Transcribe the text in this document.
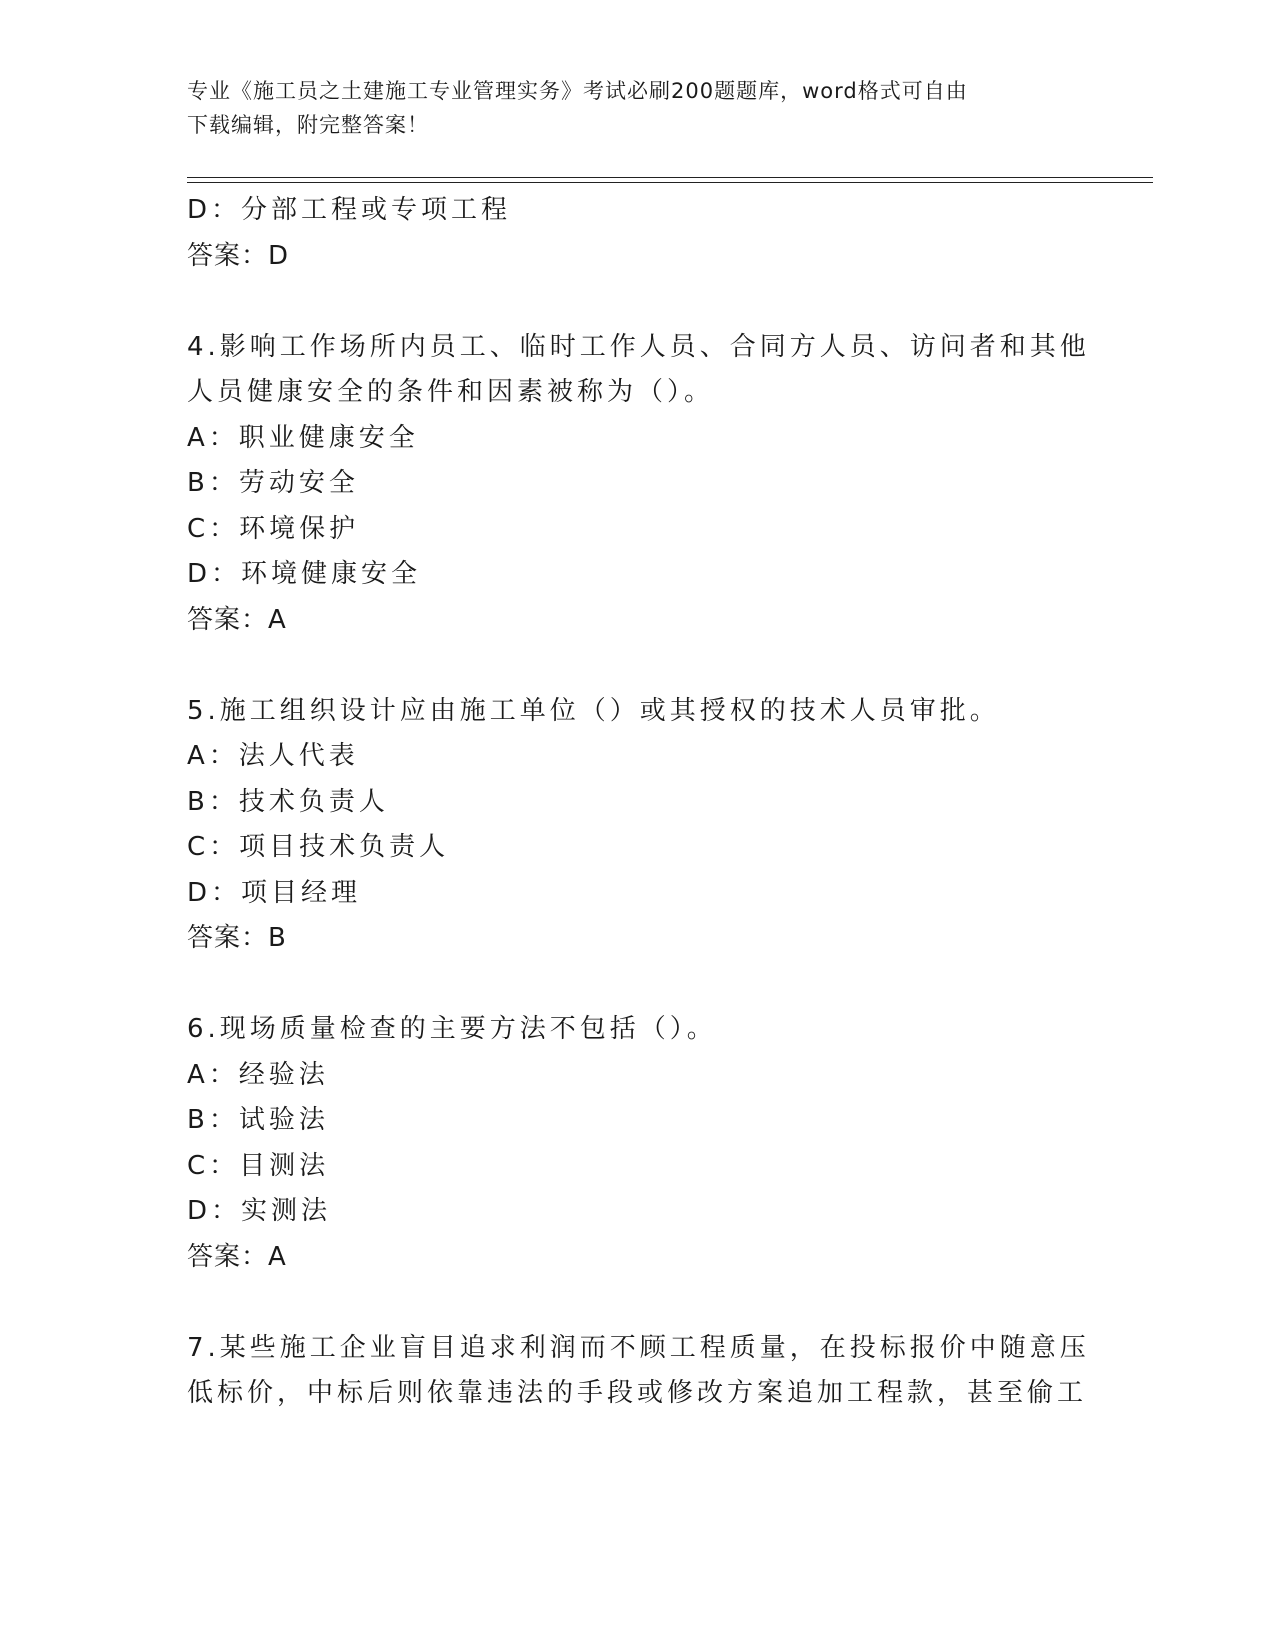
专业《施工员之土建施工专业管理实务》考试必刷200题题库，word格式可自由
下载编辑，附完整答案！
D：分部工程或专项工程
答案：D
4.影响工作场所内员工、临时工作人员、合同方人员、访问者和其他
人员健康安全的条件和因素被称为（）。
A：职业健康安全
B：劳动安全
C：环境保护
D：环境健康安全
答案：A
5.施工组织设计应由施工单位（）或其授权的技术人员审批。
A：法人代表
B：技术负责人
C：项目技术负责人
D：项目经理
答案：B
6.现场质量检查的主要方法不包括（）。
A：经验法
B：试验法
C：目测法
D：实测法
答案：A
7.某些施工企业盲目追求利润而不顾工程质量，在投标报价中随意压
低标价，中标后则依靠违法的手段或修改方案追加工程款，甚至偷工
